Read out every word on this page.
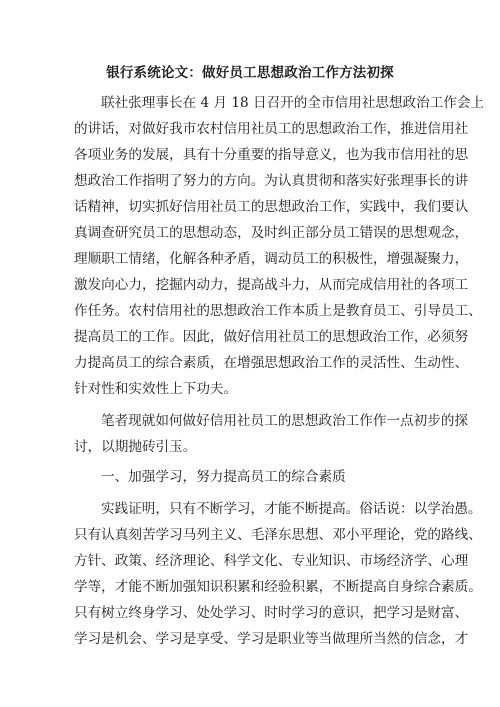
银行系统论文：做好员工思想政治工作方法初探
联社张理事长在 4 月 18 日召开的全市信用社思想政治工作会上
的讲话，对做好我市农村信用社员工的思想政治工作，推进信用社
各项业务的发展，具有十分重要的指导意义，也为我市信用社的思
想政治工作指明了努力的方向。为认真贯彻和落实好张理事长的讲
话精神，切实抓好信用社员工的思想政治工作，实践中，我们要认
真调查研究员工的思想动态，及时纠正部分员工错误的思想观念，
理顺职工情绪，化解各种矛盾，调动员工的积极性，增强凝聚力，
激发向心力，挖掘内动力，提高战斗力，从而完成信用社的各项工
作任务。农村信用社的思想政治工作本质上是教育员工、引导员工、
提高员工的工作。因此，做好信用社员工的思想政治工作，必须努
力提高员工的综合素质，在增强思想政治工作的灵活性、生动性、
针对性和实效性上下功夫。
笔者现就如何做好信用社员工的思想政治工作作一点初步的探
讨，以期抛砖引玉。
一、加强学习，努力提高员工的综合素质
实践证明，只有不断学习，才能不断提高。俗话说：以学治愚。
只有认真刻苦学习马列主义、毛泽东思想、邓小平理论，党的路线、
方针、政策、经济理论、科学文化、专业知识、市场经济学、心理
学等，才能不断加强知识积累和经验积累，不断提高自身综合素质。
只有树立终身学习、处处学习、时时学习的意识，把学习是财富、
学习是机会、学习是享受、学习是职业等当做理所当然的信念，才
